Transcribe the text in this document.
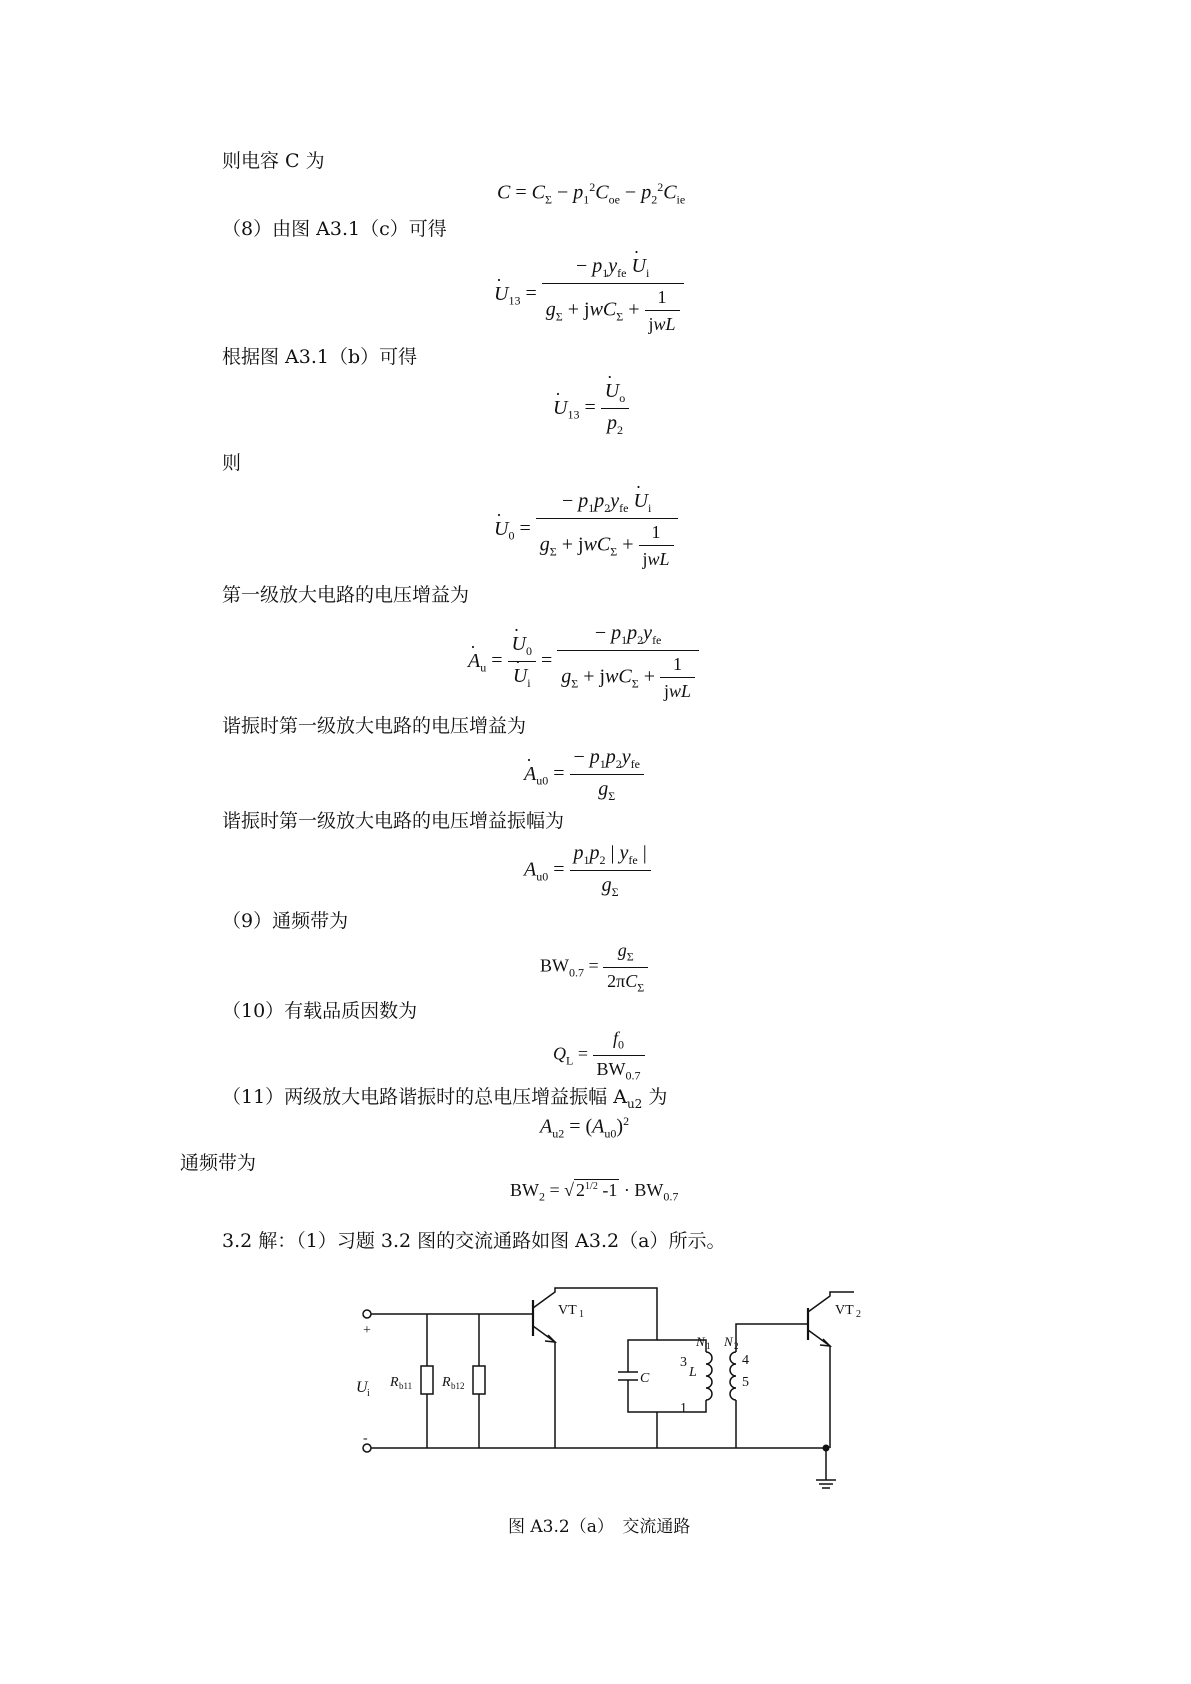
则电容 C 为
$C = C_\Sigma - p_1^2C_{oe} - p_2^2C_{ie}$
（8）由图 A3.1（c）可得
· $U_{13} = \frac{- p_1y_{fe} \cdot U_i}{g_\Sigma + jwC_\Sigma + \frac{1}{\text{jwL}}}$
根据图 A3.1（b）可得
· $U_{13}$ = · $\frac{U_o}{p_2}$
则
· $U_0 = \frac{- p_1p_2y_{fe} \cdot U_i}{g_\Sigma + jwC_\Sigma + \frac{1}{\text{jwL}}}$
第一级放大电路的电压增益为
· $A_u$ = · $U_0$
· $U_i = \frac{- p_1p_2y_{fe}}{g_\Sigma + jwC_\Sigma + \frac{1}{\text{jwL}}}$
谐振时第一级放大电路的电压增益为
· $A_{u0} = \frac{- p_1p_2y_{fe}}{g_\Sigma}$
谐振时第一级放大电路的电压增益振幅为
$A_{u0} = \frac{p_1p_2 | y_{fe} |}{g_\Sigma}$
（9）通频带为
$BW_{0.7} = \frac{g_\Sigma}{2\pi C_\Sigma}$
（10）有载品质因数为
$Q_L = \frac{f_0}{BW_{0.7}}$
（11）两级放大电路谐振时的总电压增益振幅 $A_{u2}$ 为
$A_{u2} = (A_{u0})^2$
通频带为
$BW_2$ = √ $2^{1/2}$ $-1 \cdot BW_{0.7}$
3.2 解：（1）习题 3.2 图的交流通路如图 A3.2（a）所示。
+
-
U i
R b11 R b12
VT 1	VT 2
C	L
N 1 N 2
3
1
4
5
图 A3.2（a）　交流通路
